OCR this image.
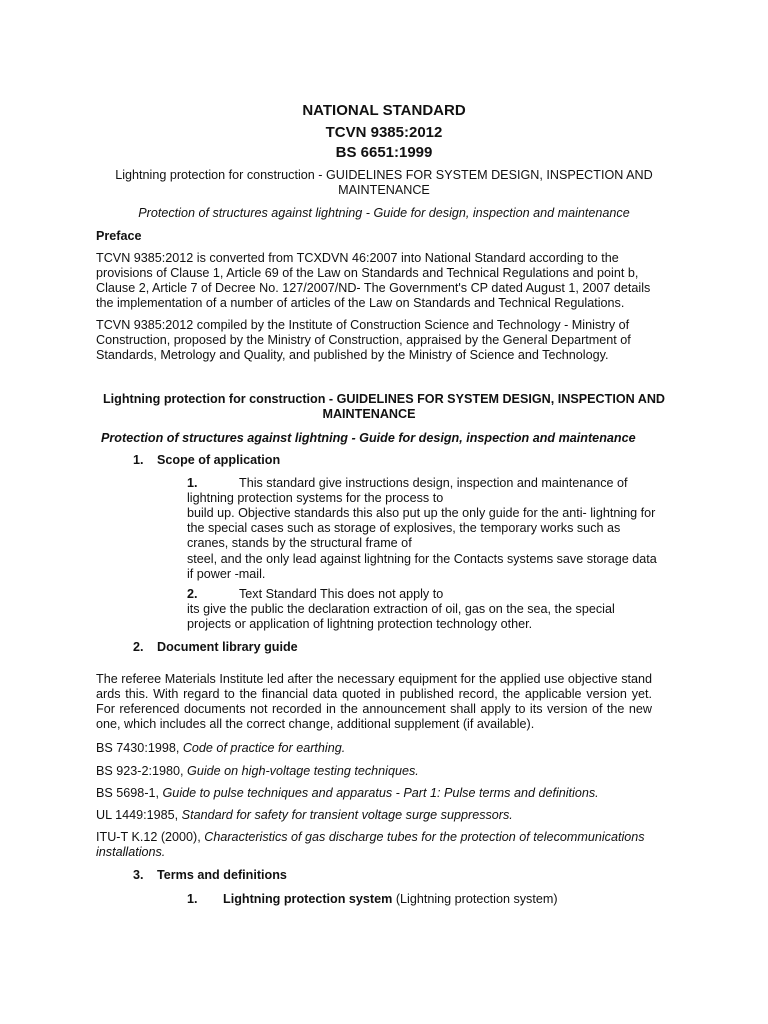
NATIONAL STANDARD
TCVN 9385:2012
BS 6651:1999
Lightning protection for construction - GUIDELINES FOR SYSTEM DESIGN, INSPECTION AND
MAINTENANCE
Protection of structures against lightning - Guide for design, inspection and maintenance
Preface
TCVN 9385:2012 is converted from TCXDVN 46:2007 into National Standard according to the provisions of Clause 1, Article 69 of the Law on Standards and Technical Regulations and point b, Clause 2, Article 7 of Decree No. 127/2007/ND- The Government's CP dated August 1, 2007 details the implementation of a number of articles of the Law on Standards and Technical Regulations.
TCVN 9385:2012 compiled by the Institute of Construction Science and Technology - Ministry of Construction, proposed by the Ministry of Construction, appraised by the General Department of Standards, Metrology and Quality, and published by the Ministry of Science and Technology.
Lightning protection for construction - GUIDELINES FOR SYSTEM DESIGN, INSPECTION AND
MAINTENANCE
Protection of structures against lightning - Guide for design, inspection and maintenance
1. Scope of application
1.	This standard give instructions design, inspection and maintenance of
lightning protection systems for the process to
build up. Objective standards this also put up the only guide for the anti- lightning for
the special cases such as storage of explosives, the temporary works such as
cranes, stands by the structural frame of
steel, and the only lead against lightning for the Contacts systems save storage data
if power -mail.
2.	Text Standard This does not apply to
its give the public the declaration extraction of oil, gas on the sea, the special
projects or application of lightning protection technology other.
2. Document library guide
The referee Materials Institute led after the necessary equipment for the applied use objective stand ards this. With regard to the financial data quoted in published record, the applicable version yet. For referenced documents not recorded in the announcement shall apply to its version of the new one, which includes all the correct change, additional supplement (if available).
BS 7430:1998, Code of practice for earthing.
BS 923-2:1980, Guide on high-voltage testing techniques.
BS 5698-1, Guide to pulse techniques and apparatus - Part 1: Pulse terms and definitions.
UL 1449:1985, Standard for safety for transient voltage surge suppressors.
ITU-T K.12 (2000), Characteristics of gas discharge tubes for the protection of telecommunications installations.
3. Terms and definitions
1. Lightning protection system (Lightning protection system)
